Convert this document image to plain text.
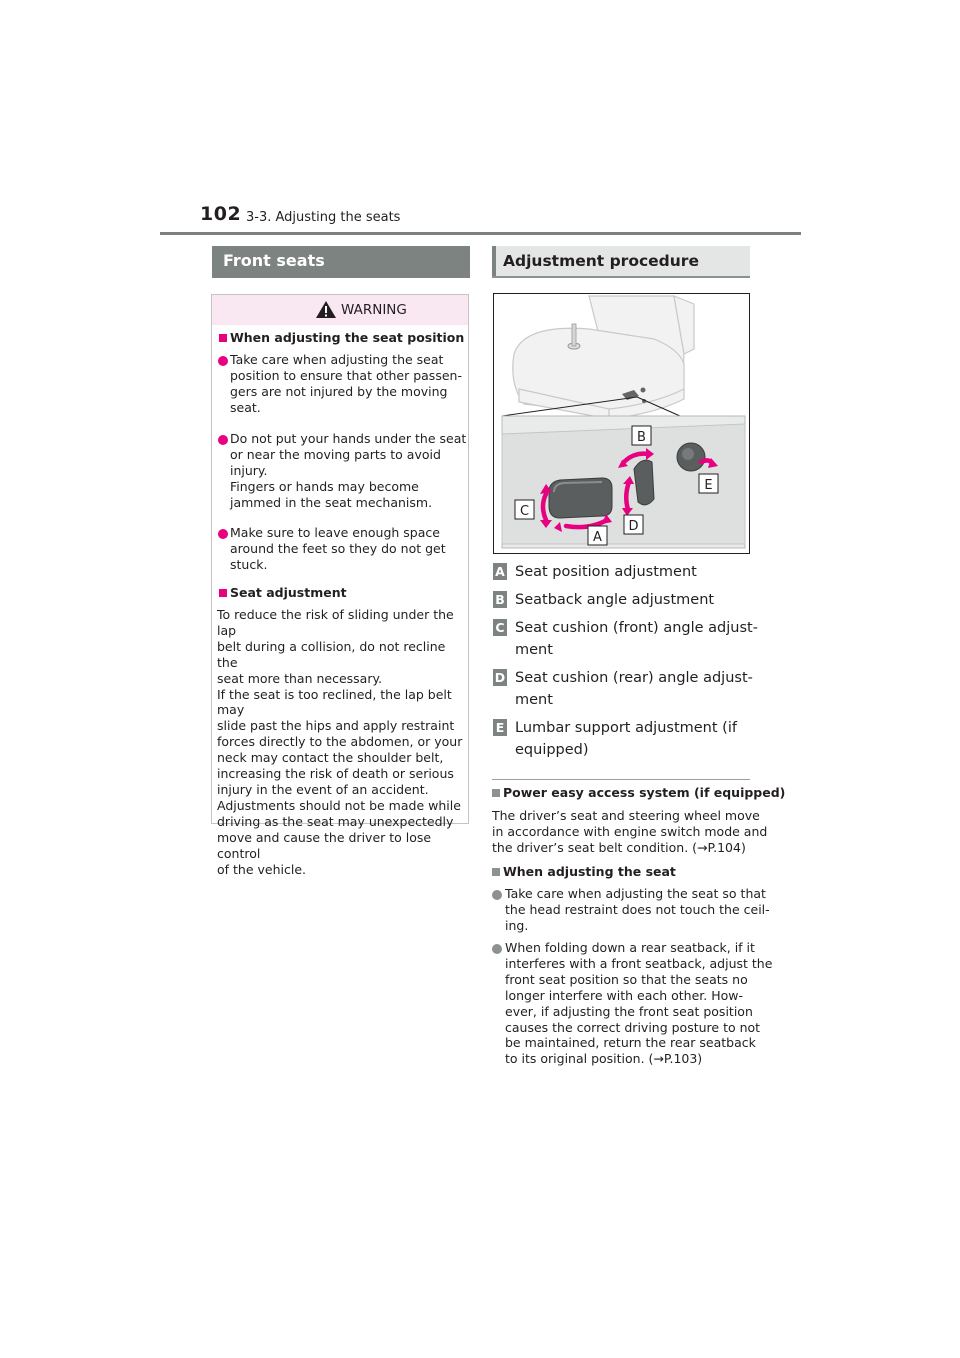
102 3-3. Adjusting the seats
Front seats
WARNING
When adjusting the seat position
Take care when adjusting the seat
position to ensure that other passen-
gers are not injured by the moving
seat.
Do not put your hands under the seat
or near the moving parts to avoid
injury.
Fingers or hands may become
jammed in the seat mechanism.
Make sure to leave enough space
around the feet so they do not get
stuck.
Seat adjustment
To reduce the risk of sliding under the lap
belt during a collision, do not recline the
seat more than necessary.
If the seat is too reclined, the lap belt may
slide past the hips and apply restraint
forces directly to the abdomen, or your
neck may contact the shoulder belt,
increasing the risk of death or serious
injury in the event of an accident.
Adjustments should not be made while
driving as the seat may unexpectedly
move and cause the driver to lose control
of the vehicle.
Adjustment procedure
B
E
C
D
A
A Seat position adjustment
B Seatback angle adjustment
C Seat cushion (front) angle adjust-
ment
D Seat cushion (rear) angle adjust-
ment
E Lumbar support adjustment (if
equipped)
Power easy access system (if equipped)
The driver’s seat and steering wheel move
in accordance with engine switch mode and
the driver’s seat belt condition. (→P.104)
When adjusting the seat
Take care when adjusting the seat so that
the head restraint does not touch the ceil-
ing.
When folding down a rear seatback, if it
interferes with a front seatback, adjust the
front seat position so that the seats no
longer interfere with each other. How-
ever, if adjusting the front seat position
causes the correct driving posture to not
be maintained, return the rear seatback
to its original position. (→P.103)
